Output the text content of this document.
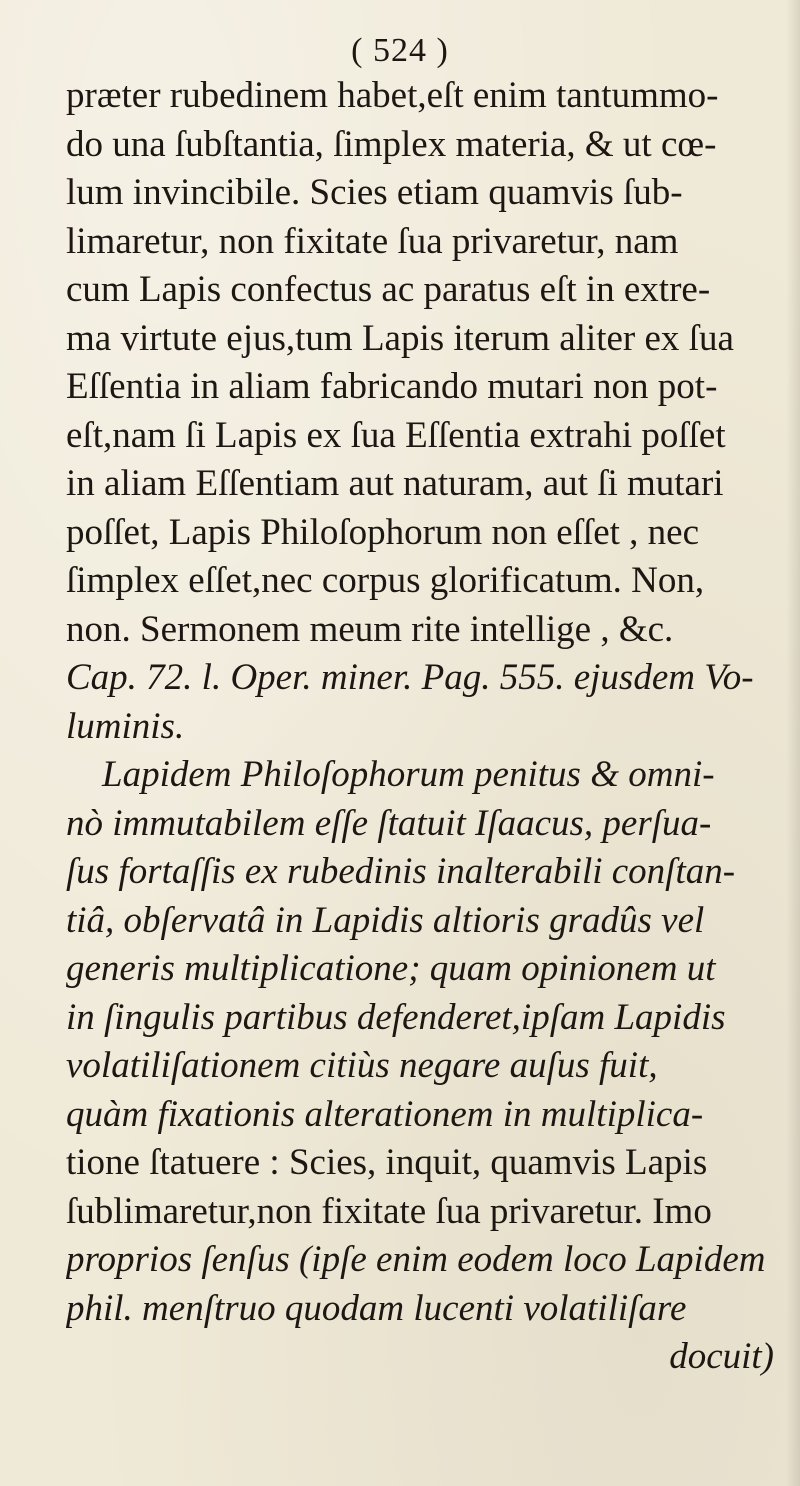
( 524 )
præter rubedinem habet,eſt enim tantummo-
do una ſubſtantia, ſimplex materia, & ut cœ-
lum invincibile. Scies etiam quamvis ſub-
limaretur, non fixitate ſua privaretur, nam
cum Lapis confectus ac paratus eſt in extre-
ma virtute ejus,tum Lapis iterum aliter ex ſua
Eſſentia in aliam fabricando mutari non pot-
eſt,nam ſi Lapis ex ſua Eſſentia extrahi poſſet
in aliam Eſſentiam aut naturam, aut ſi mutari
poſſet, Lapis Philoſophorum non eſſet , nec
ſimplex eſſet,nec corpus glorificatum. Non,
non. Sermonem meum rite intellige , &c.
Cap. 72. l. Oper. miner. Pag. 555. ejusdem Vo-
luminis.
Lapidem Philoſophorum penitus & omni-
nò immutabilem eſſe ſtatuit Iſaacus, perſua-
ſus fortaſſis ex rubedinis inalterabili conſtan-
tiâ, obſervatâ in Lapidis altioris gradûs vel
generis multiplicatione; quam opinionem ut
in ſingulis partibus defenderet,ipſam Lapidis
volatiliſationem citiùs negare auſus fuit,
quàm fixationis alterationem in multiplica-
tione ſtatuere : Scies, inquit, quamvis Lapis
ſublimaretur,non fixitate ſua privaretur. Imo
proprios ſenſus (ipſe enim eodem loco Lapidem
phil. menſtruo quodam lucenti volatiliſare
docuit)
